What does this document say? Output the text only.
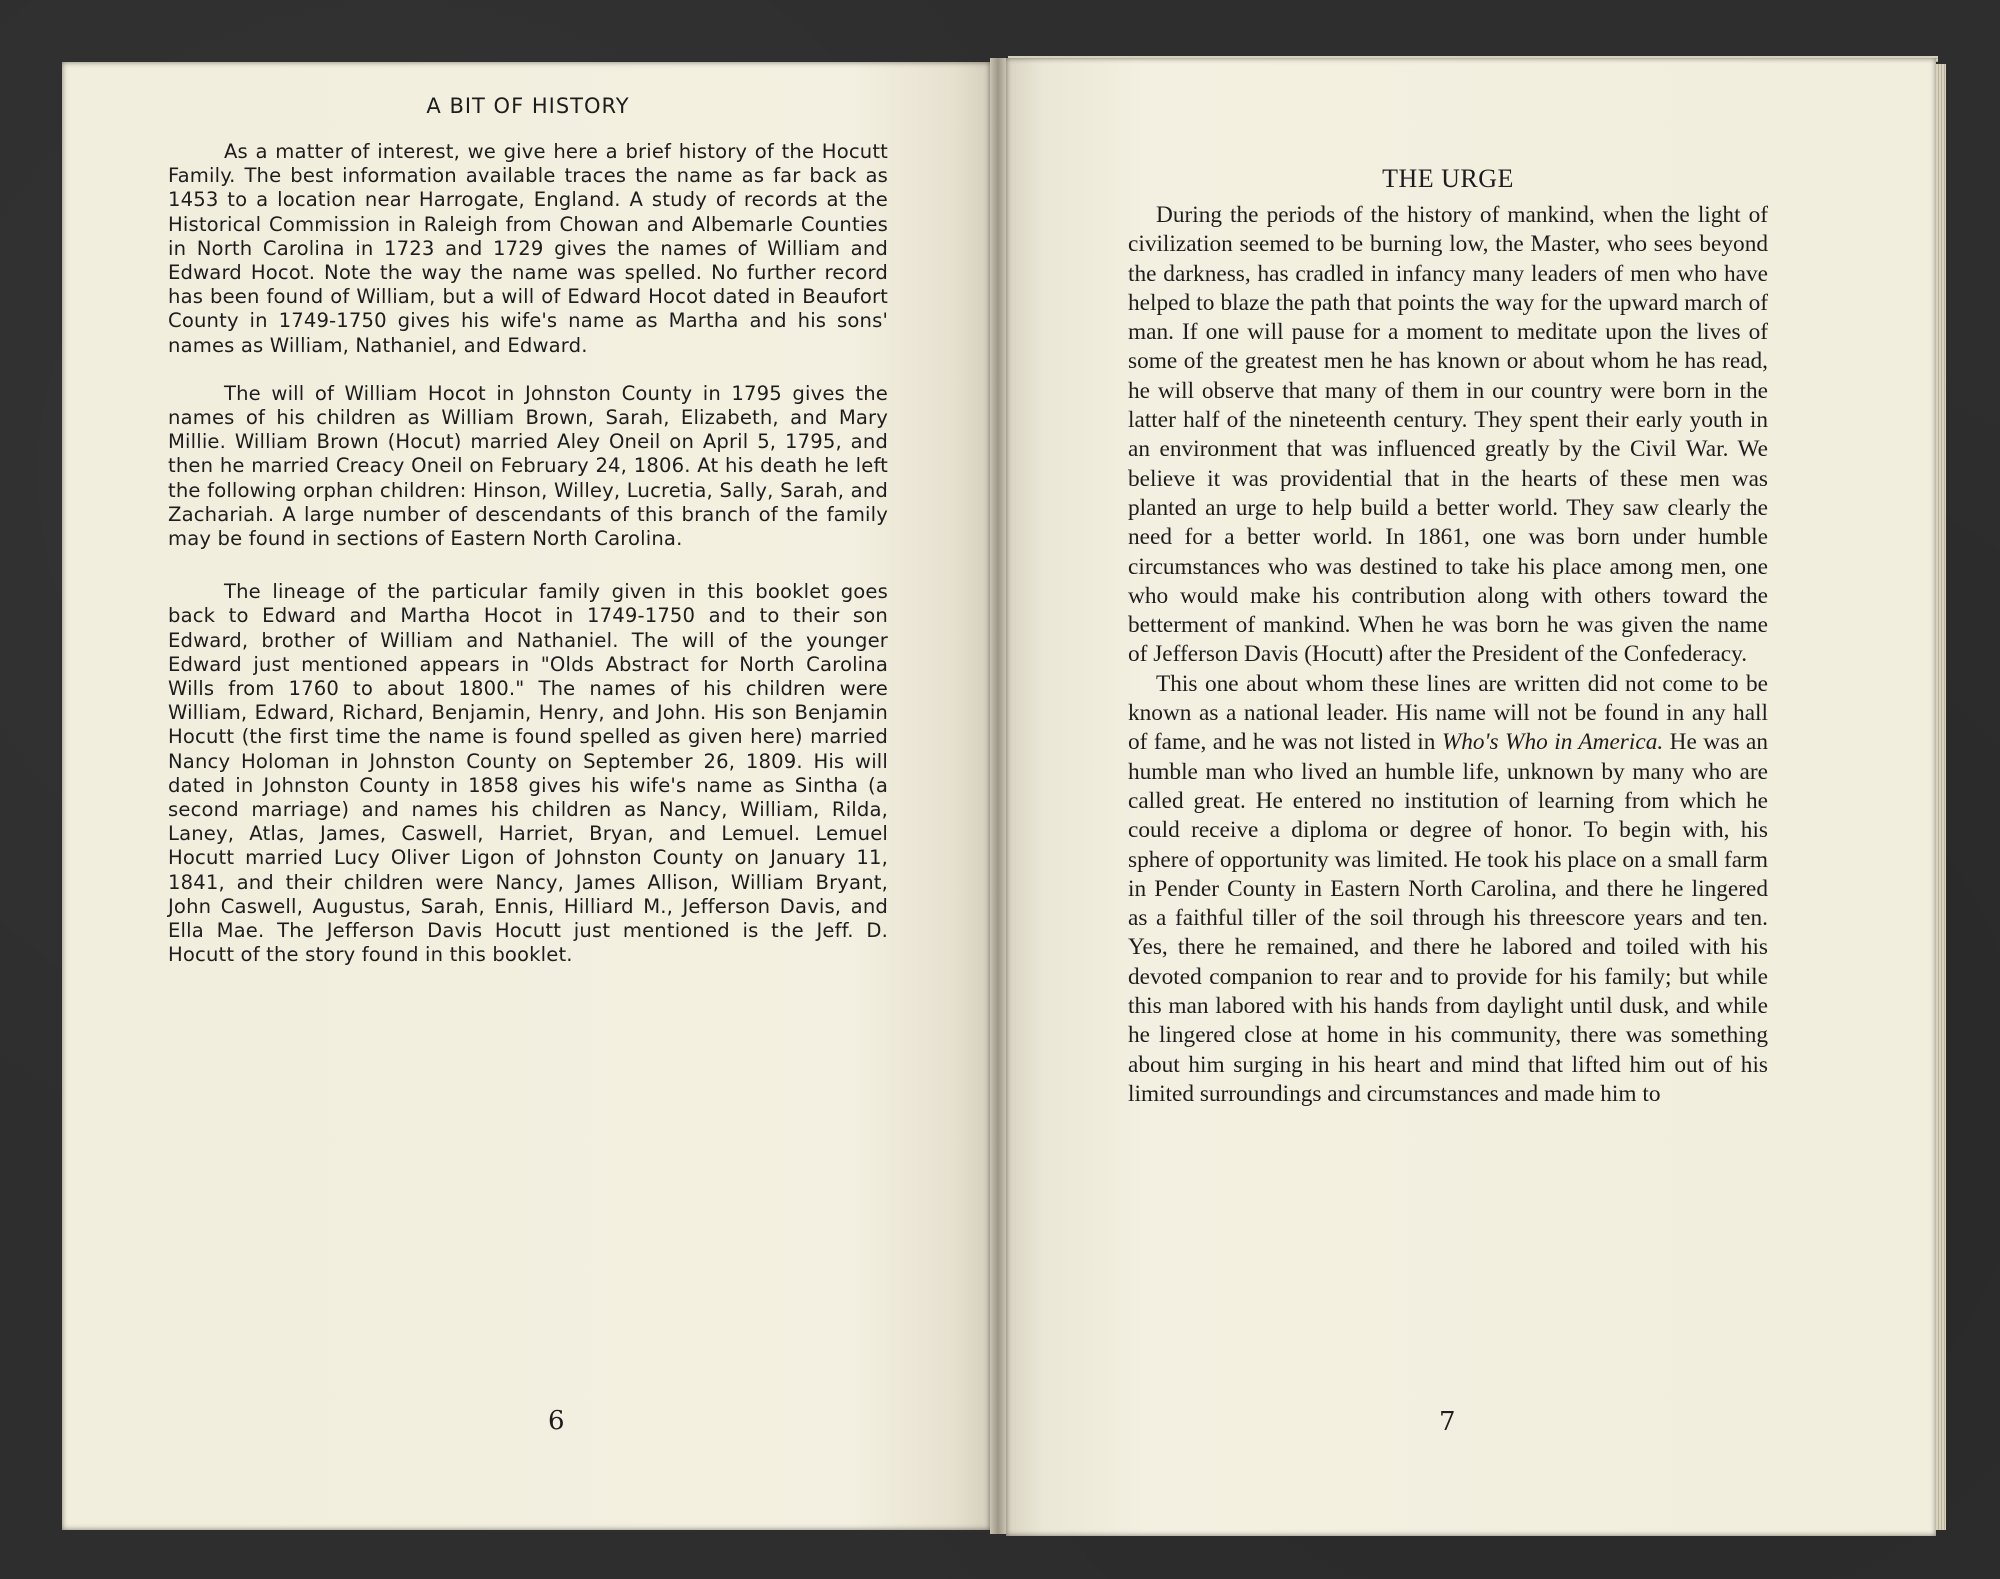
A BIT OF HISTORY

As a matter of interest, we give here a brief history of the Hocutt Family. The best information available traces the name as far back as 1453 to a location near Harrogate, England. A study of records at the Historical Commission in Raleigh from Chowan and Albemarle Counties in North Carolina in 1723 and 1729 gives the names of William and Edward Hocot. Note the way the name was spelled. No further record has been found of William, but a will of Edward Hocot dated in Beaufort County in 1749-1750 gives his wife's name as Martha and his sons' names as William, Nathaniel, and Edward.

The will of William Hocot in Johnston County in 1795 gives the names of his children as William Brown, Sarah, Elizabeth, and Mary Millie. William Brown (Hocut) married Aley Oneil on April 5, 1795, and then he married Creacy Oneil on February 24, 1806. At his death he left the following orphan children: Hinson, Willey, Lucretia, Sally, Sarah, and Zachariah. A large number of descendants of this branch of the family may be found in sections of Eastern North Carolina.

The lineage of the particular family given in this booklet goes back to Edward and Martha Hocot in 1749-1750 and to their son Edward, brother of William and Nathaniel. The will of the younger Edward just mentioned appears in "Olds Abstract for North Carolina Wills from 1760 to about 1800." The names of his children were William, Edward, Richard, Benjamin, Henry, and John. His son Benjamin Hocutt (the first time the name is found spelled as given here) married Nancy Holoman in Johnston County on September 26, 1809. His will dated in Johnston County in 1858 gives his wife's name as Sintha (a second marriage) and names his children as Nancy, William, Rilda, Laney, Atlas, James, Caswell, Harriet, Bryan, and Lemuel. Lemuel Hocutt married Lucy Oliver Ligon of Johnston County on January 11, 1841, and their children were Nancy, James Allison, William Bryant, John Caswell, Augustus, Sarah, Ennis, Hilliard M., Jefferson Davis, and Ella Mae. The Jefferson Davis Hocutt just mentioned is the Jeff. D. Hocutt of the story found in this booklet.

6
THE URGE

During the periods of the history of mankind, when the light of civilization seemed to be burning low, the Master, who sees beyond the darkness, has cradled in infancy many leaders of men who have helped to blaze the path that points the way for the upward march of man. If one will pause for a moment to meditate upon the lives of some of the greatest men he has known or about whom he has read, he will observe that many of them in our country were born in the latter half of the nineteenth century. They spent their early youth in an environment that was influenced greatly by the Civil War. We believe it was providential that in the hearts of these men was planted an urge to help build a better world. They saw clearly the need for a better world. In 1861, one was born under humble circumstances who was destined to take his place among men, one who would make his contribution along with others toward the betterment of mankind. When he was born he was given the name of Jefferson Davis (Hocutt) after the President of the Confederacy.

This one about whom these lines are written did not come to be known as a national leader. His name will not be found in any hall of fame, and he was not listed in Who's Who in America. He was an humble man who lived an humble life, unknown by many who are called great. He entered no institution of learning from which he could receive a diploma or degree of honor. To begin with, his sphere of opportunity was limited. He took his place on a small farm in Pender County in Eastern North Carolina, and there he lingered as a faithful tiller of the soil through his threescore years and ten. Yes, there he remained, and there he labored and toiled with his devoted companion to rear and to provide for his family; but while this man labored with his hands from daylight until dusk, and while he lingered close at home in his community, there was something about him surging in his heart and mind that lifted him out of his limited surroundings and circumstances and made him to

7
